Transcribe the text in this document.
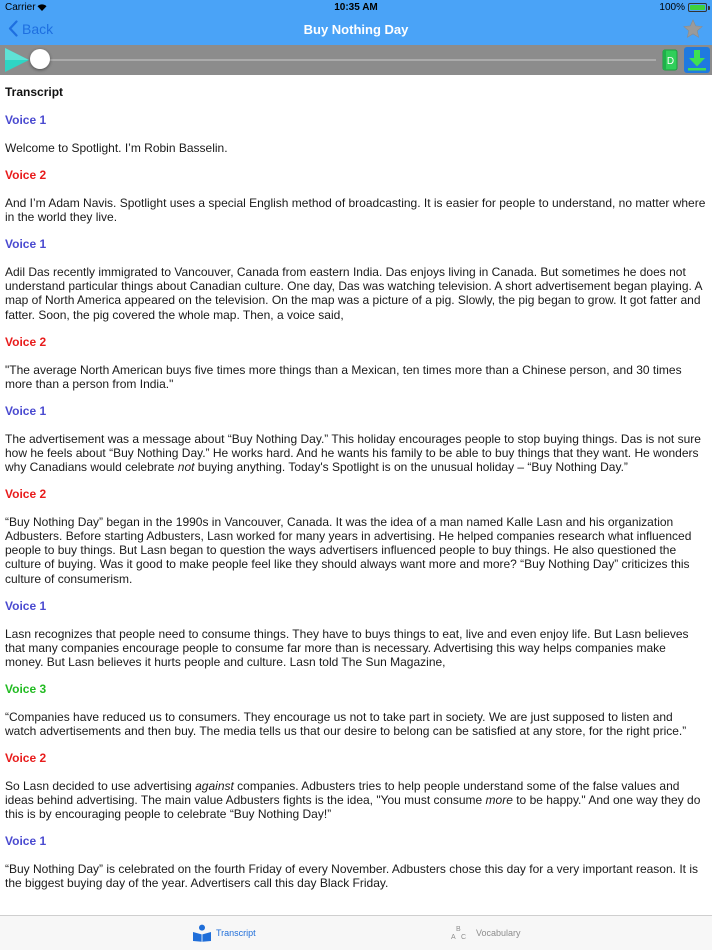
Carrier	10:35 AM	100%
Back	Buy Nothing Day
D
Transcript
Voice 1

Welcome to Spotlight. I’m Robin Basselin.

Voice 2

And I’m Adam Navis. Spotlight uses a special English method of broadcasting. It is easier for people to understand, no matter where in the world they live.

Voice 1

Adil Das recently immigrated to Vancouver, Canada from eastern India. Das enjoys living in Canada. But sometimes he does not understand particular things about Canadian culture. One day, Das was watching television. A short advertisement began playing. A map of North America appeared on the television. On the map was a picture of a pig. Slowly, the pig began to grow. It got fatter and fatter. Soon, the pig covered the whole map. Then, a voice said,

Voice 2

"The average North American buys five times more things than a Mexican, ten times more than a Chinese person, and 30 times more than a person from India."

Voice 1

The advertisement was a message about “Buy Nothing Day.” This holiday encourages people to stop buying things. Das is not sure how he feels about “Buy Nothing Day.” He works hard. And he wants his family to be able to buy things that they want. He wonders why Canadians would celebrate not buying anything. Today's Spotlight is on the unusual holiday – “Buy Nothing Day.”

Voice 2

“Buy Nothing Day” began in the 1990s in Vancouver, Canada. It was the idea of a man named Kalle Lasn and his organization Adbusters. Before starting Adbusters, Lasn worked for many years in advertising. He helped companies research what influenced people to buy things. But Lasn began to question the ways advertisers influenced people to buy things. He also questioned the culture of buying. Was it good to make people feel like they should always want more and more? “Buy Nothing Day” criticizes this culture of consumerism.

Voice 1

Lasn recognizes that people need to consume things. They have to buys things to eat, live and even enjoy life. But Lasn believes that many companies encourage people to consume far more than is necessary. Advertising this way helps companies make money. But Lasn believes it hurts people and culture. Lasn told The Sun Magazine,

Voice 3

“Companies have reduced us to consumers. They encourage us not to take part in society. We are just supposed to listen and watch advertisements and then buy. The media tells us that our desire to belong can be satisfied at any store, for the right price.”

Voice 2

So Lasn decided to use advertising against companies. Adbusters tries to help people understand some of the false values and ideas behind advertising. The main value Adbusters fights is the idea, "You must consume more to be happy." And one way they do this is by encouraging people to celebrate “Buy Nothing Day!”

Voice 1

“Buy Nothing Day” is celebrated on the fourth Friday of every November. Adbusters chose this day for a very important reason. It is the biggest buying day of the year. Advertisers call this day Black Friday.

Transcript	B
A C Vocabulary
